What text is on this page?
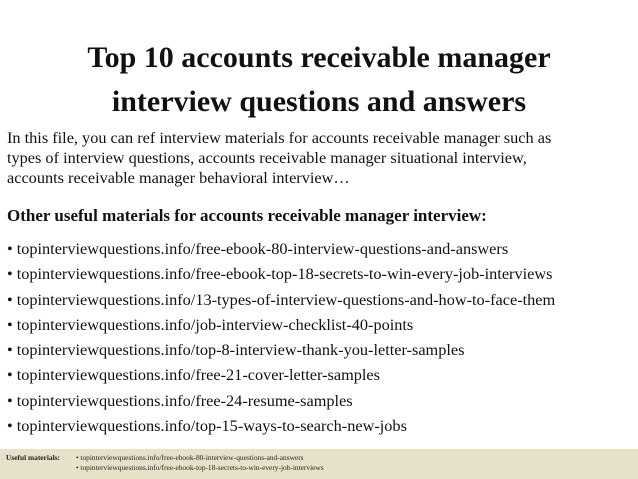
Top 10 accounts receivable manager
interview questions and answers
In this file, you can ref interview materials for accounts receivable manager such as
types of interview questions, accounts receivable manager situational interview,
accounts receivable manager behavioral interview…
Other useful materials for accounts receivable manager interview:
• topinterviewquestions.info/free-ebook-80-interview-questions-and-answers
• topinterviewquestions.info/free-ebook-top-18-secrets-to-win-every-job-interviews
• topinterviewquestions.info/13-types-of-interview-questions-and-how-to-face-them
• topinterviewquestions.info/job-interview-checklist-40-points
• topinterviewquestions.info/top-8-interview-thank-you-letter-samples
• topinterviewquestions.info/free-21-cover-letter-samples
• topinterviewquestions.info/free-24-resume-samples
• topinterviewquestions.info/top-15-ways-to-search-new-jobs
Useful materials: • topinterviewquestions.info/free-ebook-80-interview-questions-and-answers
• topinterviewquestions.info/free-ebook-top-18-secrets-to-win-every-job-interviews
